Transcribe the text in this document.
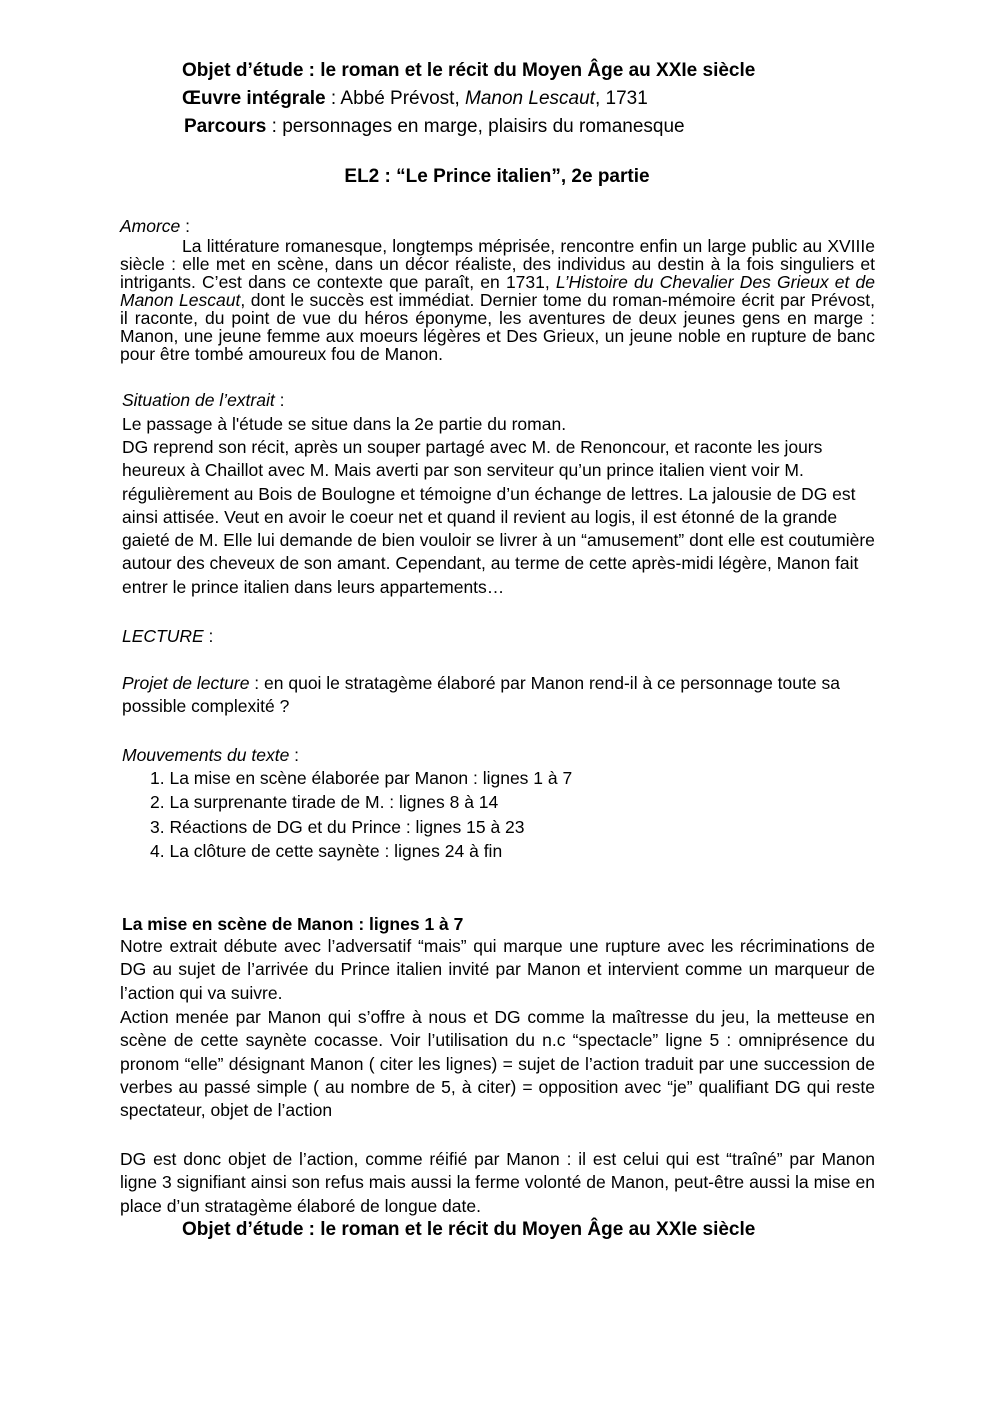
Objet d’étude : le roman et le récit du Moyen Âge au XXIe siècle

Œuvre intégrale : Abbé Prévost, Manon Lescaut, 1731

Parcours : personnages en marge, plaisirs du romanesque

EL2 : “Le Prince italien”, 2e partie

Amorce :

La littérature romanesque, longtemps méprisée, rencontre enfin un large public au XVIIIe siècle : elle met en scène, dans un décor réaliste, des individus au destin à la fois singuliers et intrigants. C’est dans ce contexte que paraît, en 1731, L’Histoire du Chevalier Des Grieux et de Manon Lescaut, dont le succès est immédiat. Dernier tome du roman-mémoire écrit par Prévost, il raconte, du point de vue du héros éponyme, les aventures de deux jeunes gens en marge : Manon, une jeune femme aux moeurs légères et Des Grieux, un jeune noble en rupture de banc pour être tombé amoureux fou de Manon.

Situation de l’extrait :

Le passage à l'étude se situe dans la 2e partie du roman.

DG reprend son récit, après un souper partagé avec M. de Renoncour, et raconte les jours heureux à Chaillot avec M. Mais averti par son serviteur qu’un prince italien vient voir M. régulièrement au Bois de Boulogne et témoigne d’un échange de lettres. La jalousie de DG est ainsi attisée. Veut en avoir le coeur net et quand il revient au logis, il est étonné de la grande gaieté de M. Elle lui demande de bien vouloir se livrer à un “amusement” dont elle est coutumière autour des cheveux de son amant. Cependant, au terme de cette après-midi légère, Manon fait entrer le prince italien dans leurs appartements…

LECTURE :

Projet de lecture : en quoi le stratagème élaboré par Manon rend-il à ce personnage toute sa possible complexité ?

Mouvements du texte :

1. La mise en scène élaborée par Manon : lignes 1 à 7
2. La surprenante tirade de M. : lignes 8 à 14
3. Réactions de DG et du Prince : lignes 15 à 23
4. La clôture de cette saynète : lignes 24 à fin

La mise en scène de Manon : lignes 1 à 7

Notre extrait débute avec l’adversatif “mais” qui marque une rupture avec les récriminations de DG au sujet de l’arrivée du Prince italien invité par Manon et intervient comme un marqueur de l’action qui va suivre.

Action menée par Manon qui s’offre à nous et DG comme la maîtresse du jeu, la metteuse en scène de cette saynète cocasse. Voir l’utilisation du n.c “spectacle” ligne 5 : omniprésence du pronom “elle” désignant Manon ( citer les lignes) = sujet de l’action traduit par une succession de verbes au passé simple ( au nombre de 5, à citer) = opposition avec “je” qualifiant DG qui reste spectateur, objet de l’action

DG est donc objet de l’action, comme réifié par Manon : il est celui qui est “traîné” par Manon ligne 3 signifiant ainsi son refus mais aussi la ferme volonté de Manon, peut-être aussi la mise en place d’un stratagème élaboré de longue date.

Objet d’étude : le roman et le récit du Moyen Âge au XXIe siècle
